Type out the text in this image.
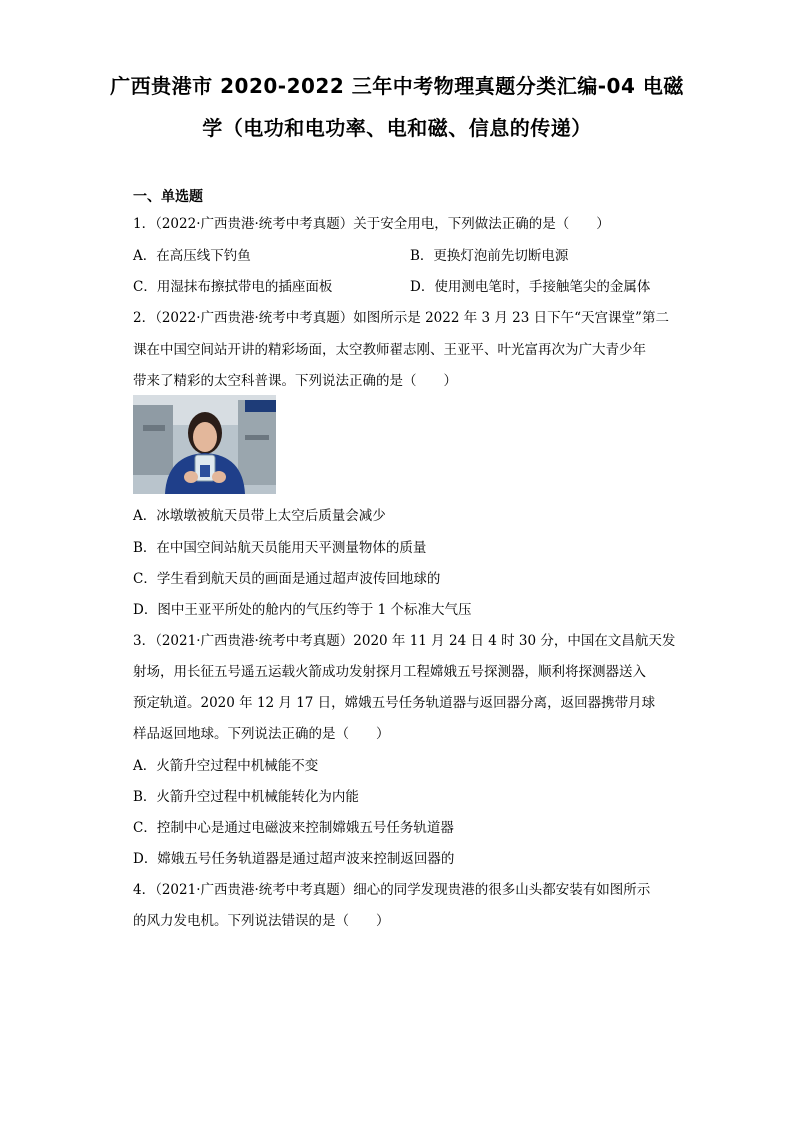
广西贵港市 2020-2022 三年中考物理真题分类汇编-04 电磁
学（电功和电功率、电和磁、信息的传递）
一、单选题
1．（2022·广西贵港·统考中考真题）关于安全用电，下列做法正确的是（　　）
A．在高压线下钓鱼	B．更换灯泡前先切断电源
C．用湿抹布擦拭带电的插座面板	D．使用测电笔时，手接触笔尖的金属体
2．（2022·广西贵港·统考中考真题）如图所示是 2022 年 3 月 23 日下午“天宫课堂”第二
课在中国空间站开讲的精彩场面，太空教师翟志刚、王亚平、叶光富再次为广大青少年
带来了精彩的太空科普课。下列说法正确的是（　　）
A．冰墩墩被航天员带上太空后质量会减少
B．在中国空间站航天员能用天平测量物体的质量
C．学生看到航天员的画面是通过超声波传回地球的
D．图中王亚平所处的舱内的气压约等于 1 个标准大气压
3．（2021·广西贵港·统考中考真题）2020 年 11 月 24 日 4 时 30 分，中国在文昌航天发
射场，用长征五号遥五运载火箭成功发射探月工程嫦娥五号探测器，顺利将探测器送入
预定轨道。2020 年 12 月 17 日，嫦娥五号任务轨道器与返回器分离，返回器携带月球
样品返回地球。下列说法正确的是（　　）
A．火箭升空过程中机械能不变
B．火箭升空过程中机械能转化为内能
C．控制中心是通过电磁波来控制嫦娥五号任务轨道器
D．嫦娥五号任务轨道器是通过超声波来控制返回器的
4．（2021·广西贵港·统考中考真题）细心的同学发现贵港的很多山头都安装有如图所示
的风力发电机。下列说法错误的是（　　）
